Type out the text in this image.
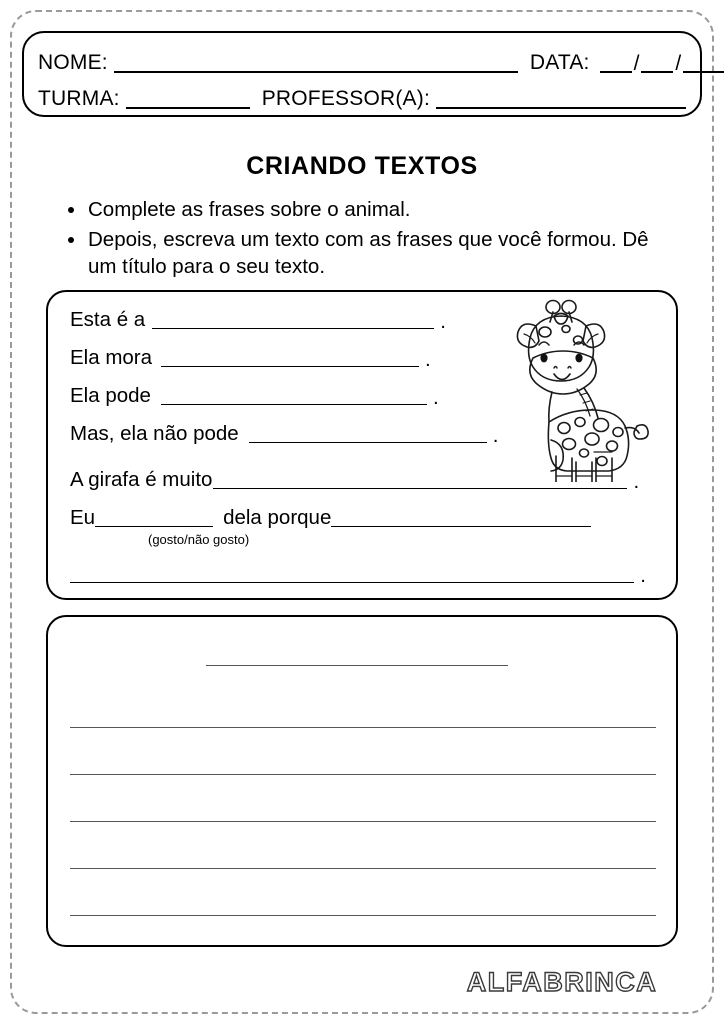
NOME:	DATA: / /
TURMA:	PROFESSOR(A):
CRIANDO TEXTOS
Complete as frases sobre o animal.
Depois, escreva um texto com as frases que você formou. Dê um título para o seu texto.
Esta é a	.
Ela mora	.
Ela pode	.
Mas, ela não pode	.
A girafa é muito	.
Eu	dela porque
(gosto/não gosto)
.
ALFABRINCA
